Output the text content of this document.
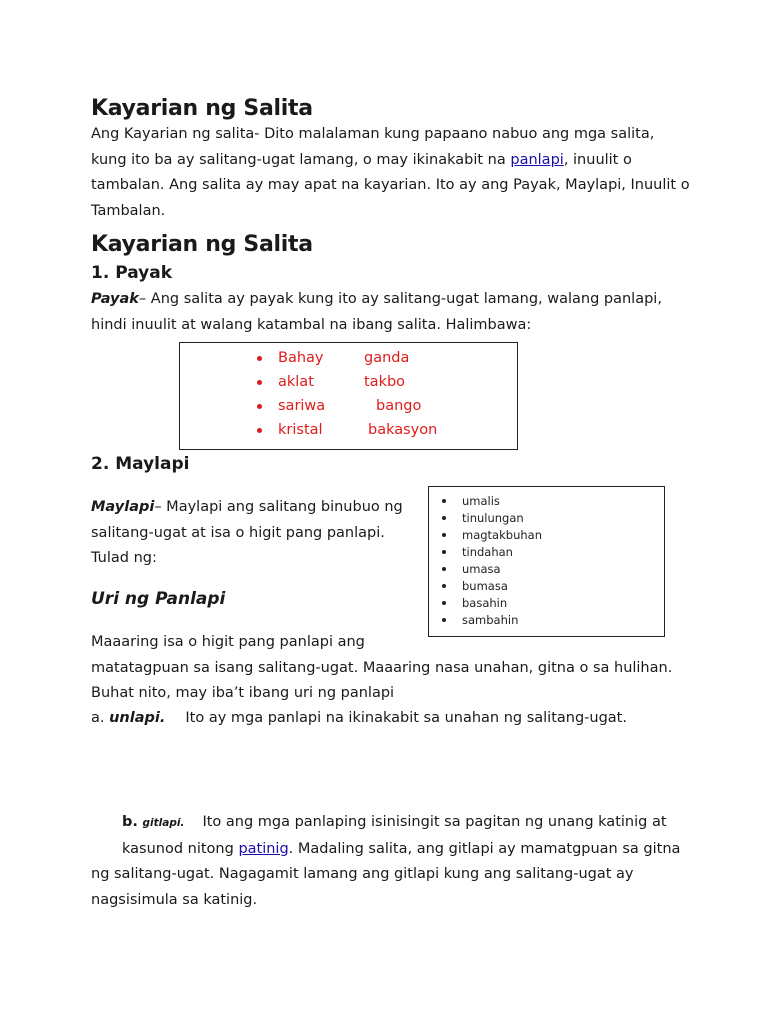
Kayarian ng Salita
Ang Kayarian ng salita- Dito malalaman kung papaano nabuo ang mga salita,
kung ito ba ay salitang-ugat lamang, o may ikinakabit na panlapi, inuulit o
tambalan. Ang salita ay may apat na kayarian. Ito ay ang Payak, Maylapi, Inuulit o
Tambalan.
Kayarian ng Salita
1. Payak
Payak– Ang salita ay payak kung ito ay salitang-ugat lamang, walang panlapi,
hindi inuulit at walang katambal na ibang salita. Halimbawa:
Bahay	ganda
aklat	takbo
sariwa	bango
kristal	bakasyon
2. Maylapi
Maylapi– Maylapi ang salitang binubuo ng
salitang-ugat at isa o higit pang panlapi.
Tulad ng:
umalis
tinulungan
magtakbuhan
tindahan
umasa
bumasa
basahin
sambahin
Uri ng Panlapi
Maaaring isa o higit pang panlapi ang
matatagpuan sa isang salitang-ugat. Maaaring nasa unahan, gitna o sa hulihan.
Buhat nito, may iba’t ibang uri ng panlapi
a. unlapi. Ito ay mga panlapi na ikinakabit sa unahan ng salitang-ugat.
b. gitlapi. Ito ang mga panlaping isinisingit sa pagitan ng unang katinig at
kasunod nitong patinig. Madaling salita, ang gitlapi ay mamatgpuan sa gitna
ng salitang-ugat. Nagagamit lamang ang gitlapi kung ang salitang-ugat ay
nagsisimula sa katinig.
